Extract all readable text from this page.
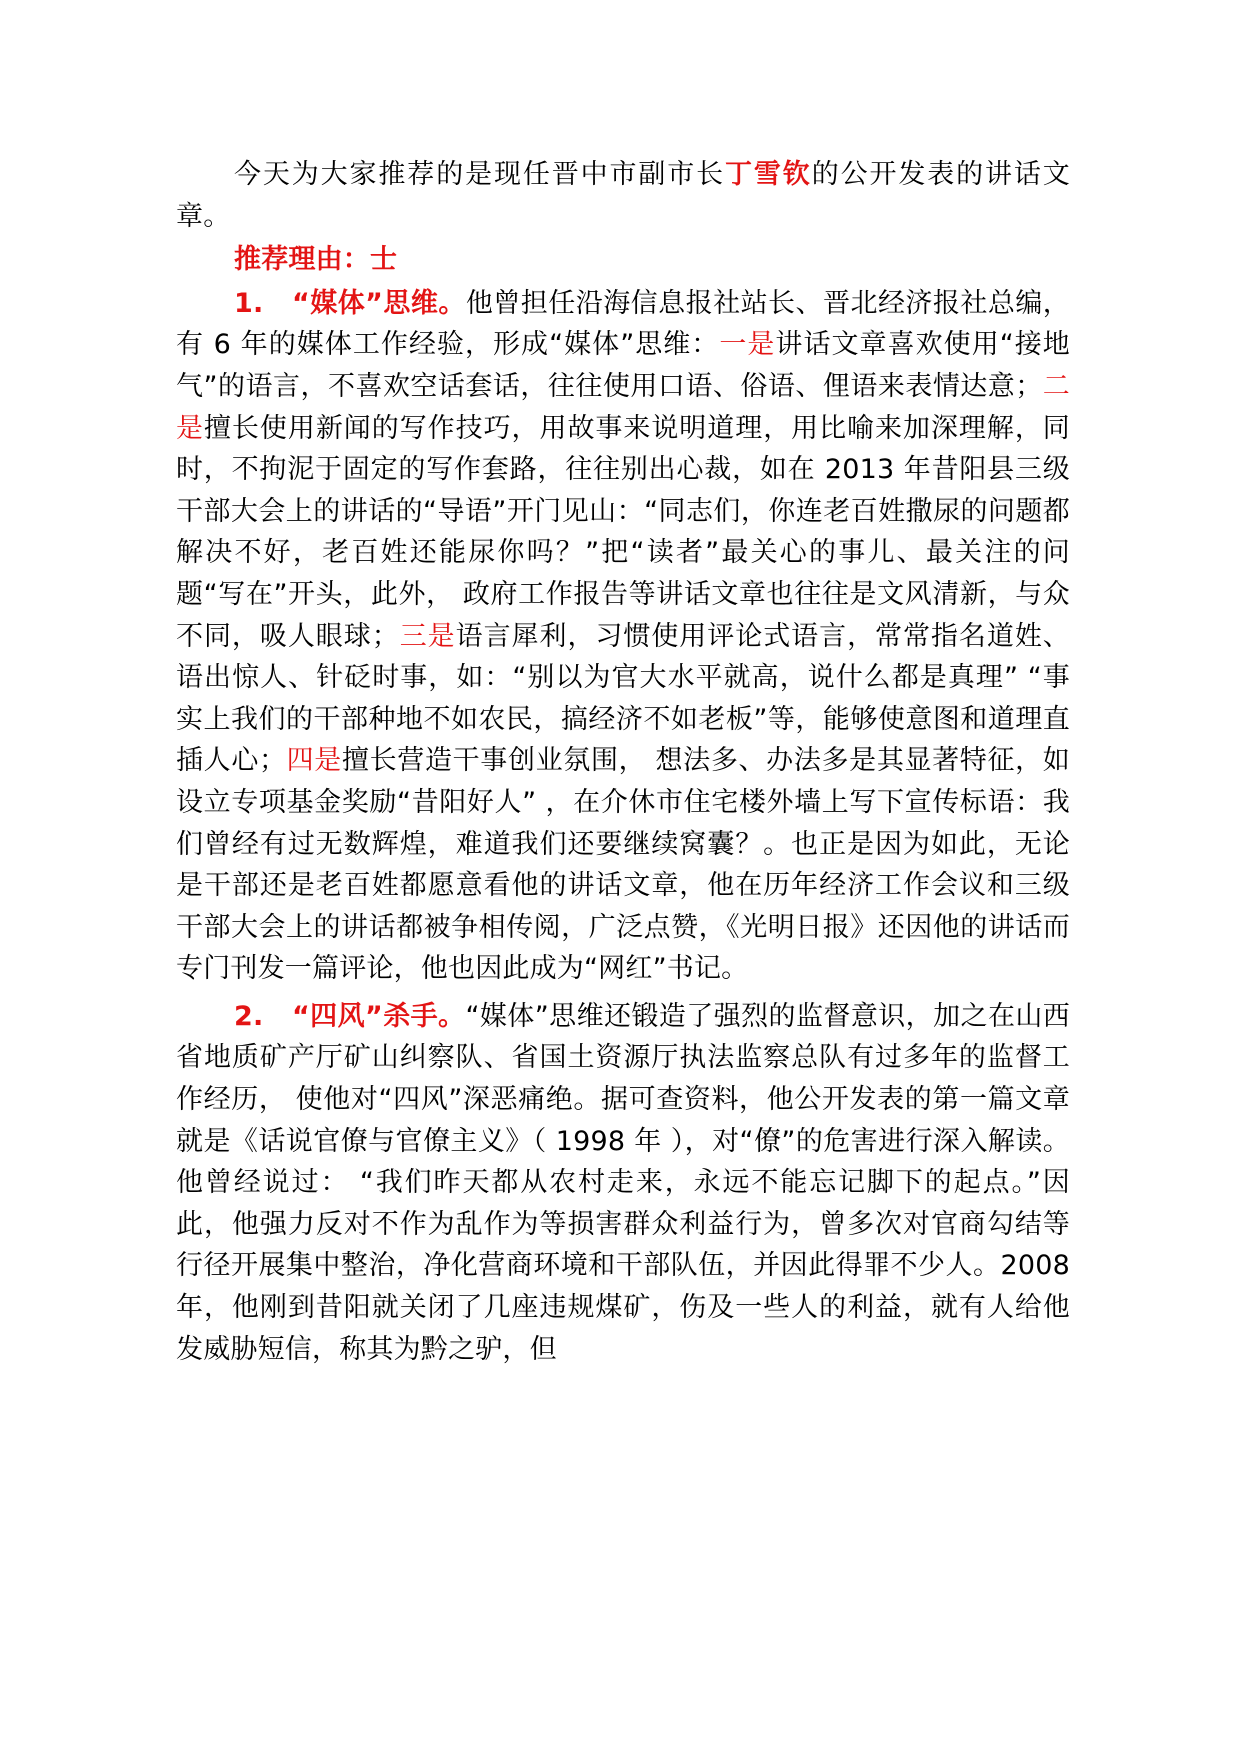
今天为大家推荐的是现任晋中市副市长丁雪钦的公开发表的讲话文章。

推荐理由：士

1. “媒体”思维。他曾担任沿海信息报社站长、晋北经济报社总编，有 6 年的媒体工作经验，形成“媒体”思维：一是讲话文章喜欢使用“接地气”的语言，不喜欢空话套话，往往使用口语、俗语、俚语来表情达意；二是擅长使用新闻的写作技巧，用故事来说明道理，用比喻来加深理解，同时，不拘泥于固定的写作套路，往往别出心裁，如在 2013 年昔阳县三级干部大会上的讲话的“导语”开门见山：“同志们，你连老百姓撒尿的问题都解决不好，老百姓还能尿你吗？”把“读者”最关心的事儿、最关注的问题“写在”开头，此外， 政府工作报告等讲话文章也往往是文风清新，与众不同，吸人眼球；三是语言犀利，习惯使用评论式语言，常常指名道姓、语出惊人、针砭时事，如：“别以为官大水平就高，说什么都是真理” “事实上我们的干部种地不如农民，搞经济不如老板”等，能够使意图和道理直插人心；四是擅长营造干事创业氛围， 想法多、办法多是其显著特征，如设立专项基金奖励“昔阳好人” ，在介休市住宅楼外墙上写下宣传标语：我们曾经有过无数辉煌，难道我们还要继续窝囊？。也正是因为如此，无论是干部还是老百姓都愿意看他的讲话文章，他在历年经济工作会议和三级干部大会上的讲话都被争相传阅，广泛点赞，《光明日报》还因他的讲话而专门刊发一篇评论，他也因此成为“网红”书记。

2. “四风”杀手。“媒体”思维还锻造了强烈的监督意识，加之在山西省地质矿产厅矿山纠察队、省国土资源厅执法监察总队有过多年的监督工作经历， 使他对“四风”深恶痛绝。据可查资料，他公开发表的第一篇文章就是《话说官僚与官僚主义》（ 1998 年 ），对“僚”的危害进行深入解读。他曾经说过： “我们昨天都从农村走来，永远不能忘记脚下的起点。”因此，他强力反对不作为乱作为等损害群众利益行为，曾多次对官商勾结等行径开展集中整治，净化营商环境和干部队伍，并因此得罪不少人。2008 年，他刚到昔阳就关闭了几座违规煤矿，伤及一些人的利益，就有人给他发威胁短信，称其为黔之驴，但
